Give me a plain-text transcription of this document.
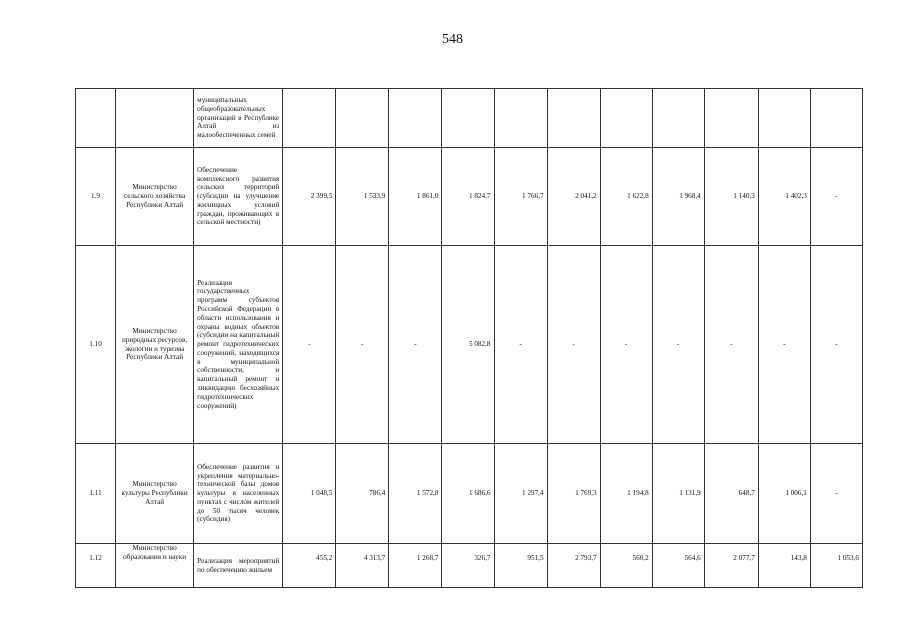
548
		муниципальных общеобразовательных организаций в Республике Алтай из малообеспеченных семей											
1.9	Министерство сельского хозяйства Республики Алтай	Обеспечение комплексного развития сельских территорий (субсидии на улучшение жилищных условий граждан, проживающих в сельской местности)	2 399,5	1 533,9	1 861,0	1 824,7	1 766,7	2 041,2	1 622,8	1 968,4	1 140,3	1 402,3	-
1.10	Министерство природных ресурсов, экологии и туризма Республики Алтай	Реализация государственных программ субъектов Российской Федерации в области использования и охраны водных объектов (субсидии на капитальный ремонт гидротехнических сооружений, находящихся в муниципальной собственности, и капитальный ремонт и ликвидацию бесхозяйных гидротехнических сооружений)	-	-	-	5 082,8	-	-	-	-	-	-	-
1.11	Министерство культуры Республики Алтай	Обеспечение развития и укрепления материально-технической базы домов культуры в населенных пунктах с числом жителей до 50 тысяч человек (субсидия)	1 048,5	786,4	1 572,8	1 686,6	1 297,4	1 769,3	1 194,8	1 131,9	648,7	1 006,1	-
1.12	Министерство образования и науки	Реализация мероприятий по обеспечению жильем	455,2	4 313,7	1 268,7	326,7	951,5	2 793,7	560,2	564,6	2 077,7	143,8	1 053,6
